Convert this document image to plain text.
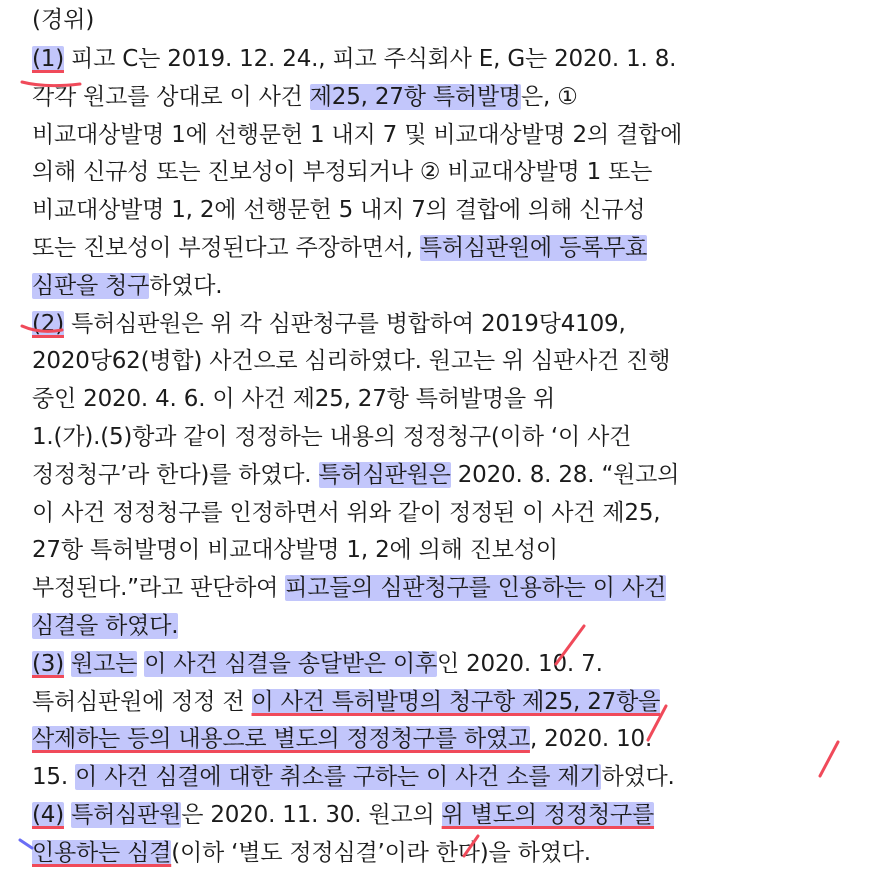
(경위)
(1) 피고 C는 2019. 12. 24., 피고 주식회사 E, G는 2020. 1. 8.
각각 원고를 상대로 이 사건 제25, 27항 특허발명은, ①
비교대상발명 1에 선행문헌 1 내지 7 및 비교대상발명 2의 결합에
의해 신규성 또는 진보성이 부정되거나 ② 비교대상발명 1 또는
비교대상발명 1, 2에 선행문헌 5 내지 7의 결합에 의해 신규성
또는 진보성이 부정된다고 주장하면서, 특허심판원에 등록무효
심판을 청구하였다.
(2) 특허심판원은 위 각 심판청구를 병합하여 2019당4109,
2020당62(병합) 사건으로 심리하였다. 원고는 위 심판사건 진행
중인 2020. 4. 6. 이 사건 제25, 27항 특허발명을 위
1.(가).(5)항과 같이 정정하는 내용의 정정청구(이하 ‘이 사건
정정청구’라 한다)를 하였다. 특허심판원은 2020. 8. 28. “원고의
이 사건 정정청구를 인정하면서 위와 같이 정정된 이 사건 제25,
27항 특허발명이 비교대상발명 1, 2에 의해 진보성이
부정된다.”라고 판단하여 피고들의 심판청구를 인용하는 이 사건
심결을 하였다.
(3) 원고는 이 사건 심결을 송달받은 이후인 2020. 10. 7.
특허심판원에 정정 전 이 사건 특허발명의 청구항 제25, 27항을
삭제하는 등의 내용으로 별도의 정정청구를 하였고, 2020. 10.
15. 이 사건 심결에 대한 취소를 구하는 이 사건 소를 제기하였다.
(4) 특허심판원은 2020. 11. 30. 원고의 위 별도의 정정청구를
인용하는 심결(이하 ‘별도 정정심결’이라 한다)을 하였다.
